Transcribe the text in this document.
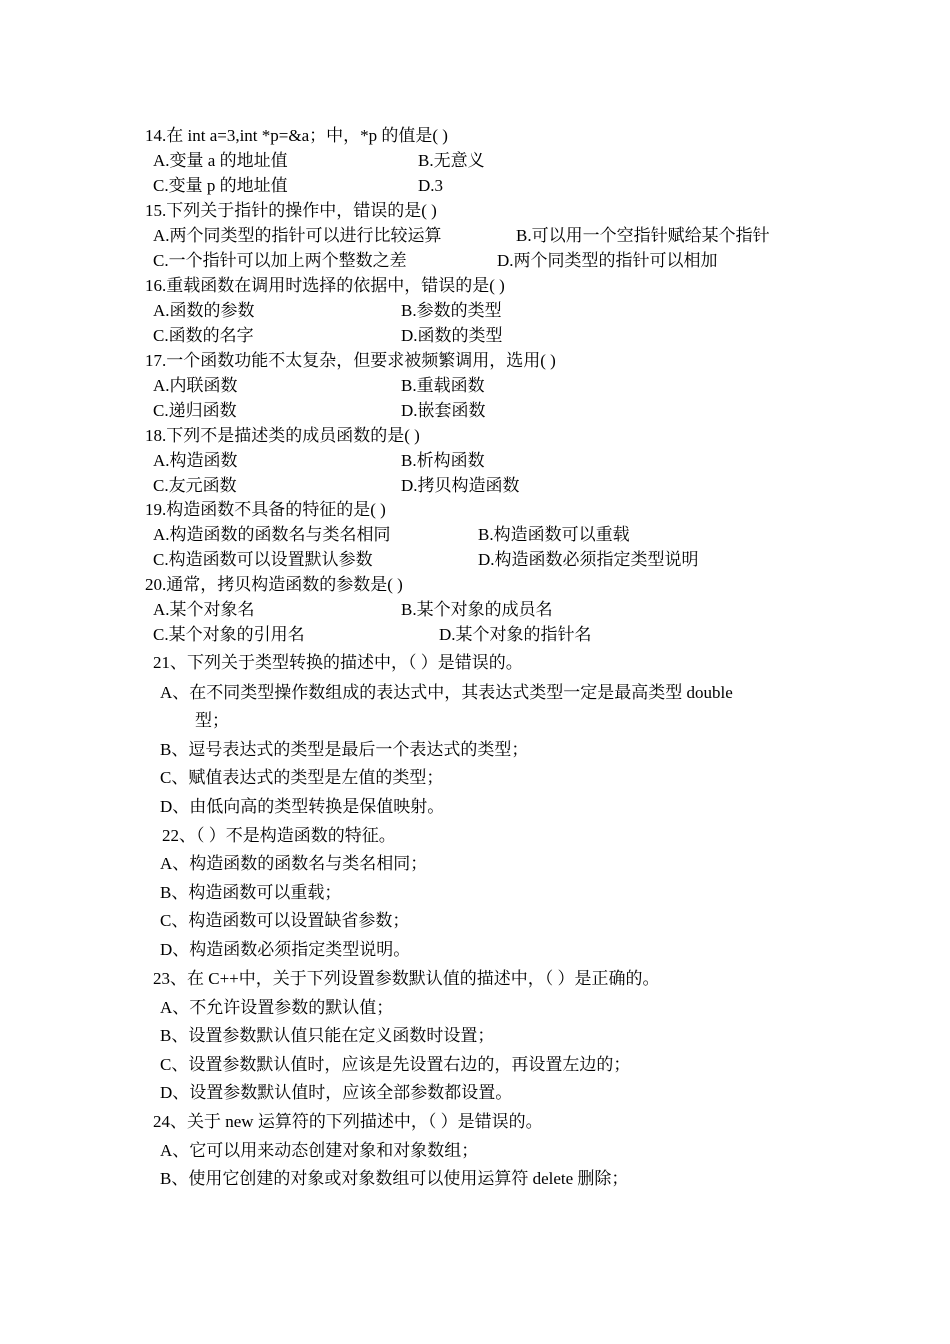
14.在 int a=3,int *p=&a；中，*p 的值是( )
A.变量 a 的地址值	B.无意义
C.变量 p 的地址值	D.3
15.下列关于指针的操作中，错误的是( )
A.两个同类型的指针可以进行比较运算	B.可以用一个空指针赋给某个指针
C.一个指针可以加上两个整数之差	D.两个同类型的指针可以相加
16.重载函数在调用时选择的依据中，错误的是( )
A.函数的参数	B.参数的类型
C.函数的名字	D.函数的类型
17.一个函数功能不太复杂，但要求被频繁调用，选用( )
A.内联函数	B.重载函数
C.递归函数	D.嵌套函数
18.下列不是描述类的成员函数的是( )
A.构造函数	B.析构函数
C.友元函数	D.拷贝构造函数
19.构造函数不具备的特征的是( )
A.构造函数的函数名与类名相同	B.构造函数可以重载
C.构造函数可以设置默认参数	D.构造函数必须指定类型说明
20.通常，拷贝构造函数的参数是( )
A.某个对象名	B.某个对象的成员名
C.某个对象的引用名	D.某个对象的指针名
21、下列关于类型转换的描述中，（ ）是错误的。
A、在不同类型操作数组成的表达式中，其表达式类型一定是最高类型 double
型；
B、逗号表达式的类型是最后一个表达式的类型；
C、赋值表达式的类型是左值的类型；
D、由低向高的类型转换是保值映射。
22、（ ）不是构造函数的特征。
A、构造函数的函数名与类名相同；
B、构造函数可以重载；
C、构造函数可以设置缺省参数；
D、构造函数必须指定类型说明。
23、在 C++中，关于下列设置参数默认值的描述中，（ ）是正确的。
A、不允许设置参数的默认值；
B、设置参数默认值只能在定义函数时设置；
C、设置参数默认值时，应该是先设置右边的，再设置左边的；
D、设置参数默认值时，应该全部参数都设置。
24、关于 new 运算符的下列描述中，（ ）是错误的。
A、它可以用来动态创建对象和对象数组；
B、使用它创建的对象或对象数组可以使用运算符 delete 删除；
